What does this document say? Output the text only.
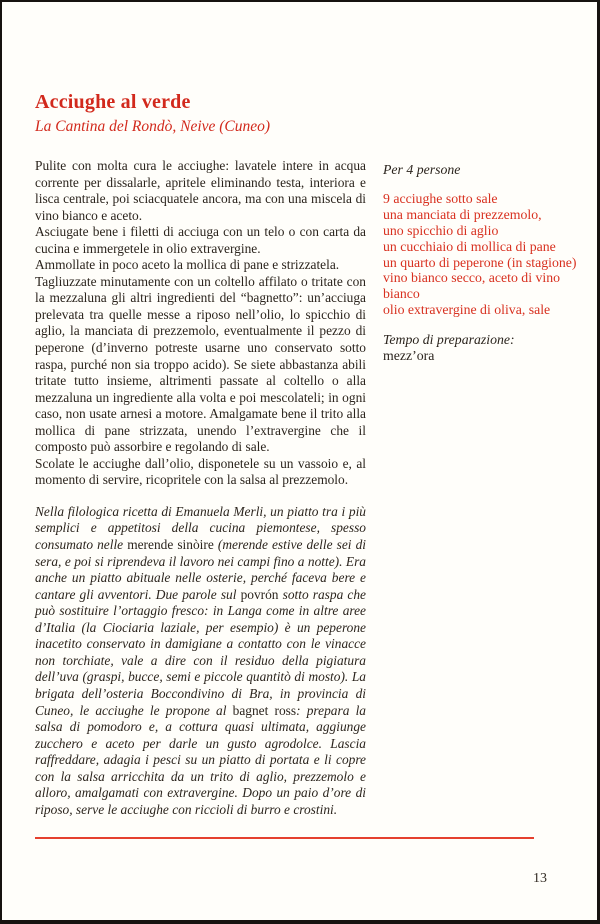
Acciughe al verde
La Cantina del Rondò, Neive (Cuneo)

Pulite con molta cura le acciughe: lavatele intere in acqua corrente per dissalarle, apritele eliminando testa, interiora e lisca centrale, poi sciacquatele ancora, ma con una miscela di vino bianco e aceto.

Asciugate bene i filetti di acciuga con un telo o con carta da cucina e immergetele in olio extravergine.

Ammollate in poco aceto la mollica di pane e strizzatela.

Tagliuzzate minutamente con un coltello affilato o tritate con la mezzaluna gli altri ingredienti del “bagnetto”: un’acciuga prelevata tra quelle messe a riposo nell’olio, lo spicchio di aglio, la manciata di prezzemolo, eventualmente il pezzo di peperone (d’inverno potreste usarne uno conservato sotto raspa, purché non sia troppo acido). Se siete abbastanza abili tritate tutto insieme, altrimenti passate al coltello o alla mezzaluna un ingrediente alla volta e poi mescolateli; in ogni caso, non usate arnesi a motore. Amalgamate bene il trito alla mollica di pane strizzata, unendo l’extravergine che il composto può assorbire e regolando di sale.

Scolate le acciughe dall’olio, disponetele su un vassoio e, al momento di servire, ricopritele con la salsa al prezzemolo.

Nella filologica ricetta di Emanuela Merli, un piatto tra i più semplici e appetitosi della cucina piemontese, spesso consumato nelle merende sinòire (merende estive delle sei di sera, e poi si riprendeva il lavoro nei campi fino a notte). Era anche un piatto abituale nelle osterie, perché faceva bere e cantare gli avventori. Due parole sul povrón sotto raspa che può sostituire l’ortaggio fresco: in Langa come in altre aree d’Italia (la Ciociaria laziale, per esempio) è un peperone inacetito conservato in damigiane a contatto con le vinacce non torchiate, vale a dire con il residuo della pigiatura dell’uva (graspi, bucce, semi e piccole quantitò di mosto). La brigata dell’osteria Boccondivino di Bra, in provincia di Cuneo, le acciughe le propone al bagnet ross: prepara la salsa di pomodoro e, a cottura quasi ultimata, aggiunge zucchero e aceto per darle un gusto agrodolce. Lascia raffreddare, adagia i pesci su un piatto di portata e li copre con la salsa arricchita da un trito di aglio, prezzemolo e alloro, amalgamati con extravergine. Dopo un paio d’ore di riposo, serve le acciughe con riccioli di burro e crostini.

Per 4 persone

9 acciughe sotto sale
una manciata di prezzemolo,
uno spicchio di aglio
un cucchiaio di mollica di pane
un quarto di peperone (in stagione)
vino bianco secco, aceto di vino bianco
olio extravergine di oliva, sale

Tempo di preparazione:

mezz’ora

13
